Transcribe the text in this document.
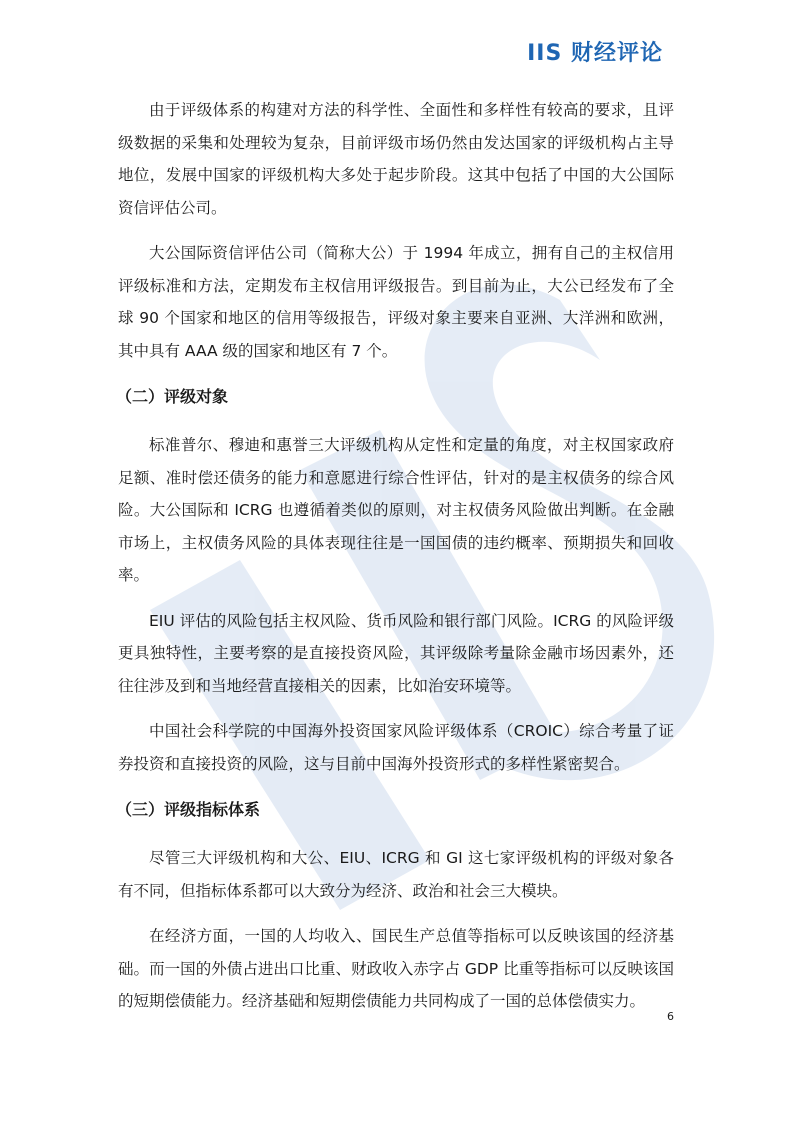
IIS 财经评论

由于评级体系的构建对方法的科学性、全面性和多样性有较高的要求，且评级数据的采集和处理较为复杂，目前评级市场仍然由发达国家的评级机构占主导地位，发展中国家的评级机构大多处于起步阶段。这其中包括了中国的大公国际资信评估公司。

大公国际资信评估公司（简称大公）于 1994 年成立，拥有自己的主权信用评级标准和方法，定期发布主权信用评级报告。到目前为止，大公已经发布了全球 90 个国家和地区的信用等级报告，评级对象主要来自亚洲、大洋洲和欧洲，其中具有 AAA 级的国家和地区有 7 个。

（二）评级对象

标准普尔、穆迪和惠誉三大评级机构从定性和定量的角度，对主权国家政府足额、准时偿还债务的能力和意愿进行综合性评估，针对的是主权债务的综合风险。大公国际和 ICRG 也遵循着类似的原则，对主权债务风险做出判断。在金融市场上，主权债务风险的具体表现往往是一国国债的违约概率、预期损失和回收率。

EIU 评估的风险包括主权风险、货币风险和银行部门风险。ICRG 的风险评级更具独特性，主要考察的是直接投资风险，其评级除考量除金融市场因素外，还往往涉及到和当地经营直接相关的因素，比如治安环境等。

中国社会科学院的中国海外投资国家风险评级体系（CROIC）综合考量了证券投资和直接投资的风险，这与目前中国海外投资形式的多样性紧密契合。

（三）评级指标体系

尽管三大评级机构和大公、EIU、ICRG 和 GI 这七家评级机构的评级对象各有不同，但指标体系都可以大致分为经济、政治和社会三大模块。

在经济方面，一国的人均收入、国民生产总值等指标可以反映该国的经济基础。而一国的外债占进出口比重、财政收入赤字占 GDP 比重等指标可以反映该国的短期偿债能力。经济基础和短期偿债能力共同构成了一国的总体偿债实力。

6
